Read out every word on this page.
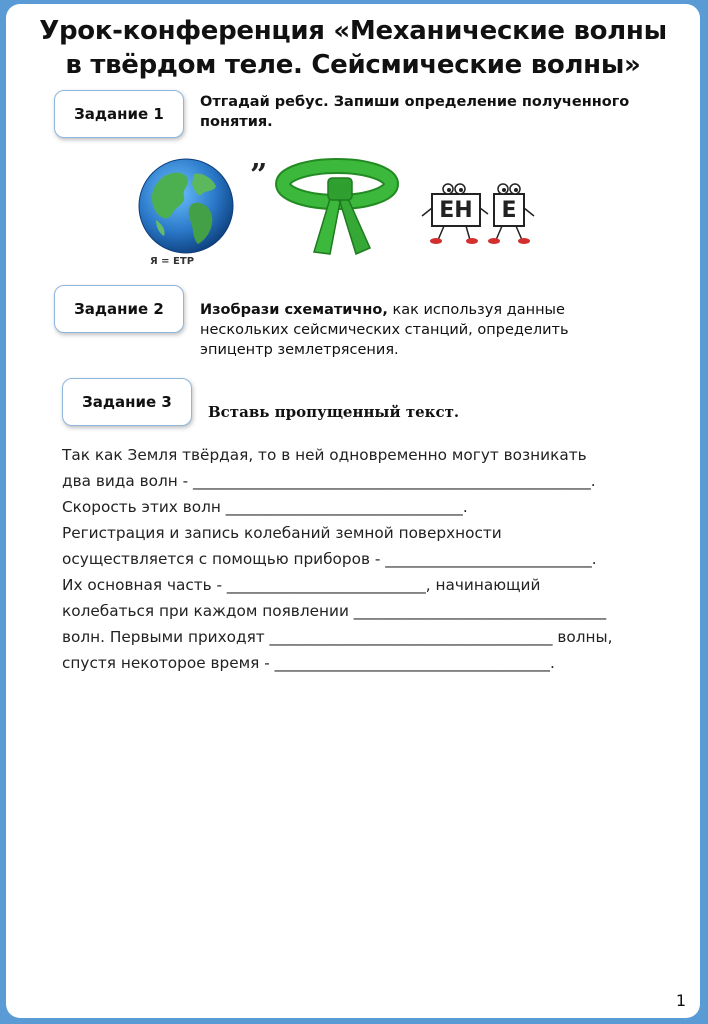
Урок-конференция «Механические волны
в твёрдом теле. Сейсмические волны»
Задание 1
Отгадай ребус. Запиши определение полученного понятия.
Я = ЕТР
”
ЕН	Е
Задание 2	Изобрази схематично, как используя данные нескольких сейсмических станций, определить эпицентр землетрясения.
Задание 3
Вставь пропущенный текст.
Так как Земля твёрдая, то в ней одновременно могут возникать
два вида волн - ____________________________________________________.
Скорость этих волн _______________________________.
Регистрация и запись колебаний земной поверхности
осуществляется с помощью приборов - ___________________________.
Их основная часть - __________________________, начинающий
колебаться при каждом появлении _________________________________
волн. Первыми приходят _____________________________________ волны,
спустя некоторое время - ____________________________________.
1
